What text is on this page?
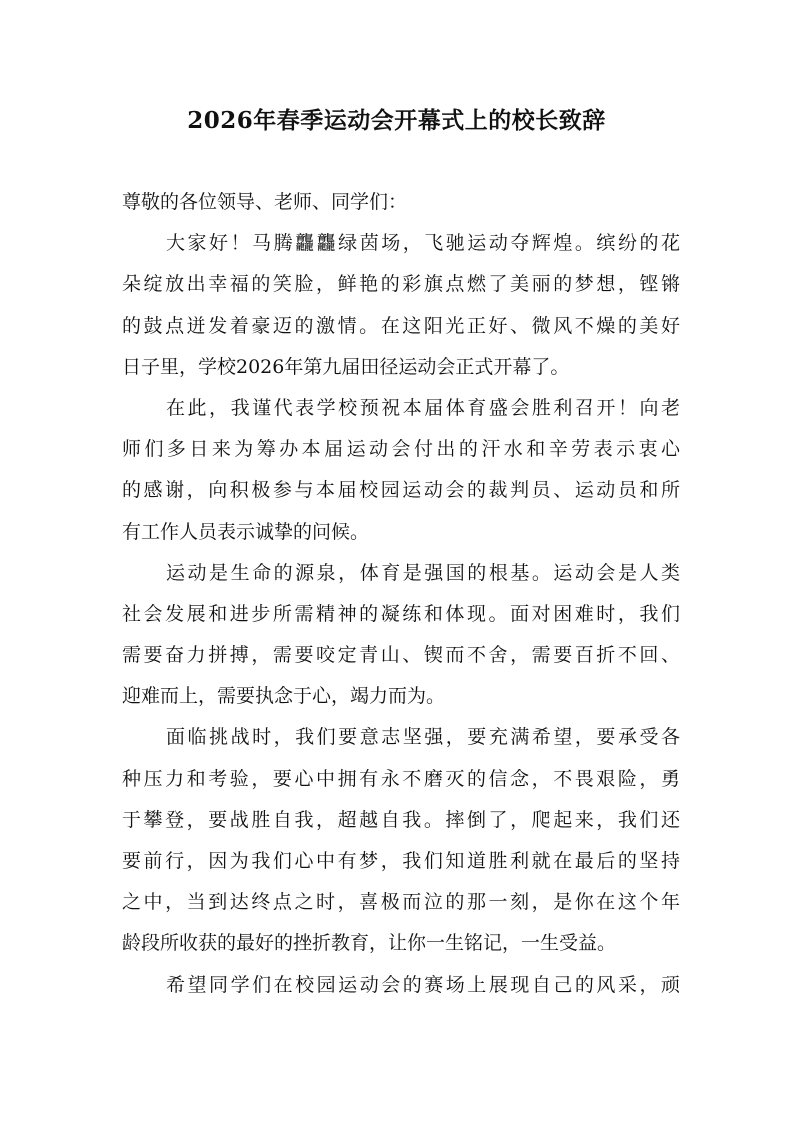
2026年春季运动会开幕式上的校长致辞
尊敬的各位领导、老师、同学们：
大家好！马腾龘龘绿茵场，飞驰运动夺辉煌。缤纷的花
朵绽放出幸福的笑脸，鲜艳的彩旗点燃了美丽的梦想，铿锵
的鼓点迸发着豪迈的激情。在这阳光正好、微风不燥的美好
日子里，学校2026年第九届田径运动会正式开幕了。
在此，我谨代表学校预祝本届体育盛会胜利召开！向老
师们多日来为筹办本届运动会付出的汗水和辛劳表示衷心
的感谢，向积极参与本届校园运动会的裁判员、运动员和所
有工作人员表示诚挚的问候。
运动是生命的源泉，体育是强国的根基。运动会是人类
社会发展和进步所需精神的凝练和体现。面对困难时，我们
需要奋力拼搏，需要咬定青山、锲而不舍，需要百折不回、
迎难而上，需要执念于心，竭力而为。
面临挑战时，我们要意志坚强，要充满希望，要承受各
种压力和考验，要心中拥有永不磨灭的信念，不畏艰险，勇
于攀登，要战胜自我，超越自我。摔倒了，爬起来，我们还
要前行，因为我们心中有梦，我们知道胜利就在最后的坚持
之中，当到达终点之时，喜极而泣的那一刻，是你在这个年
龄段所收获的最好的挫折教育，让你一生铭记，一生受益。
希望同学们在校园运动会的赛场上展现自己的风采，顽
